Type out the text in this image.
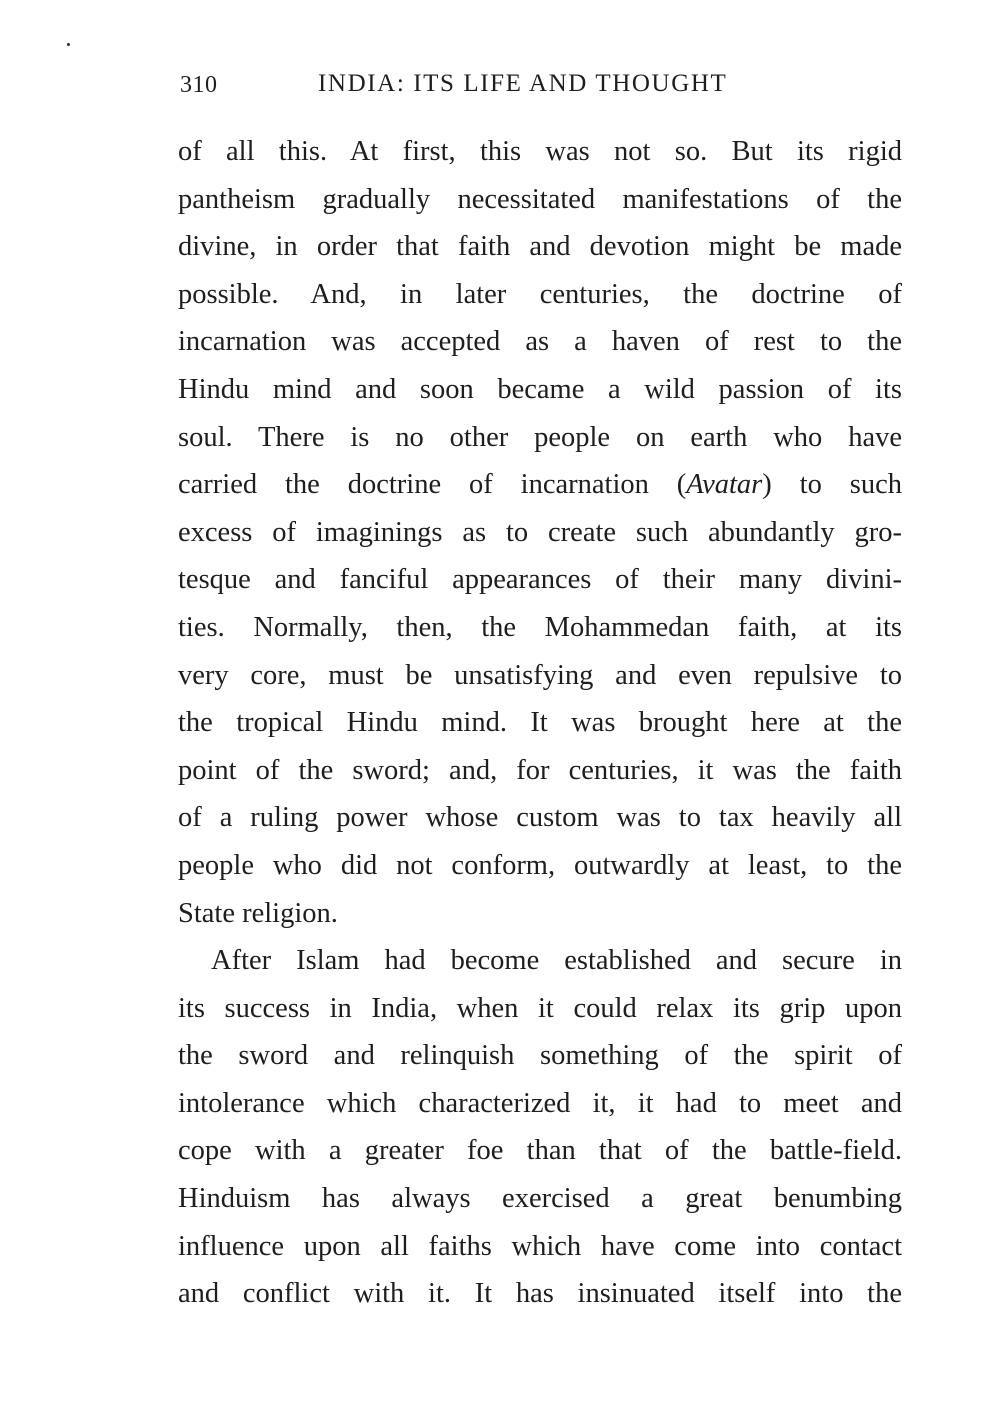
310	INDIA: ITS LIFE AND THOUGHT
of all this. At first, this was not so. But its rigid
pantheism gradually necessitated manifestations of the
divine, in order that faith and devotion might be made
possible. And, in later centuries, the doctrine of
incarnation was accepted as a haven of rest to the
Hindu mind and soon became a wild passion of its
soul. There is no other people on earth who have
carried the doctrine of incarnation (Avatar) to such
excess of imaginings as to create such abundantly gro-
tesque and fanciful appearances of their many divini-
ties. Normally, then, the Mohammedan faith, at its
very core, must be unsatisfying and even repulsive to
the tropical Hindu mind. It was brought here at the
point of the sword; and, for centuries, it was the faith
of a ruling power whose custom was to tax heavily all
people who did not conform, outwardly at least, to the
State religion.
After Islam had become established and secure in
its success in India, when it could relax its grip upon
the sword and relinquish something of the spirit of
intolerance which characterized it, it had to meet and
cope with a greater foe than that of the battle-field.
Hinduism has always exercised a great benumbing
influence upon all faiths which have come into contact
and conflict with it. It has insinuated itself into the
